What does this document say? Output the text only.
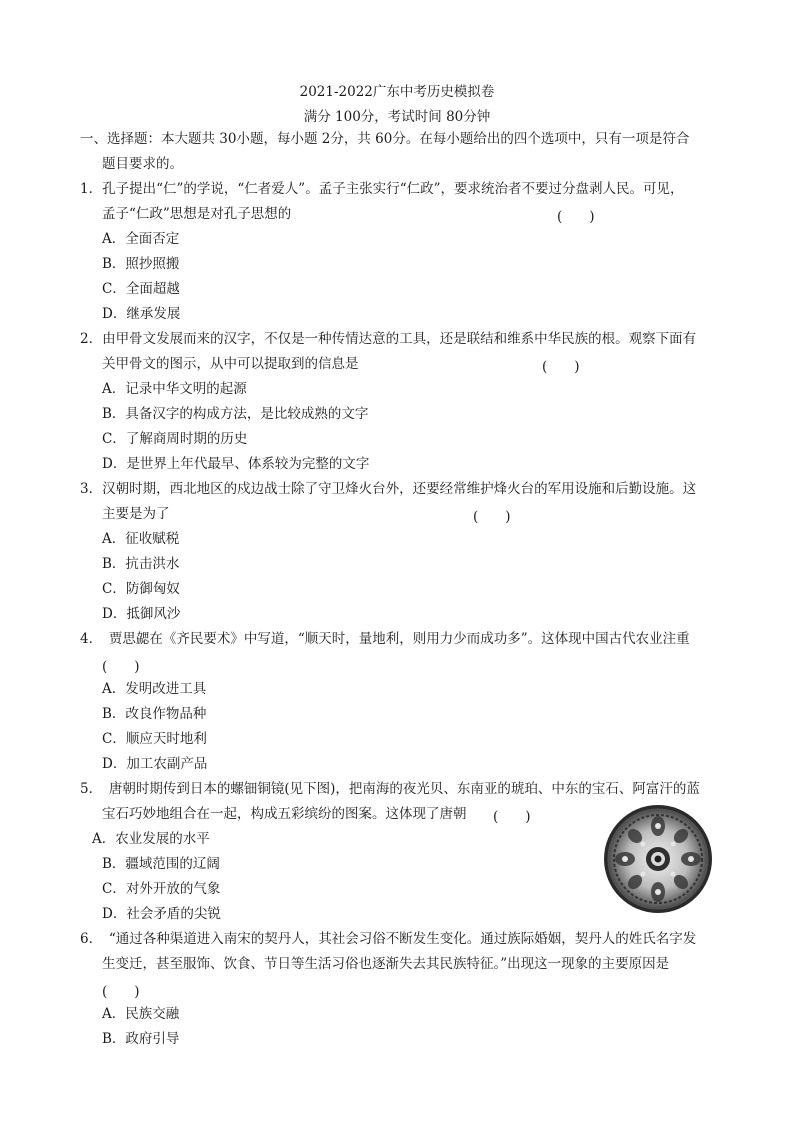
2021-2022广东中考历史模拟卷
满分 100分，考试时间 80分钟
一、选择题：本大题共 30小题，每小题 2分，共 60分。在每小题给出的四个选项中，只有一项是符合
题目要求的。
1．孔子提出“仁”的学说，“仁者爱人”。孟子主张实行“仁政”，要求统治者不要过分盘剥人民。可见，
孟子“仁政”思想是对孔子思想的	(　　)
A．全面否定
B．照抄照搬
C．全面超越
D．继承发展
2．由甲骨文发展而来的汉字，不仅是一种传情达意的工具，还是联结和维系中华民族的根。观察下面有
关甲骨文的图示，从中可以提取到的信息是	(　　)
A．记录中华文明的起源
B．具备汉字的构成方法，是比较成熟的文字
C．了解商周时期的历史
D．是世界上年代最早、体系较为完整的文字
3．汉朝时期，西北地区的戍边战士除了守卫烽火台外，还要经常维护烽火台的军用设施和后勤设施。这
主要是为了	(　　)
A．征收赋税
B．抗击洪水
C．防御匈奴
D．抵御风沙
4．　贾思勰在《齐民要术》中写道，“顺天时，量地利，则用力少而成功多”。这体现中国古代农业注重
(　　)
A．发明改进工具
B．改良作物品种
C．顺应天时地利
D．加工农副产品
5．　唐朝时期传到日本的螺钿铜镜(见下图)，把南海的夜光贝、东南亚的琥珀、中东的宝石、阿富汗的蓝
宝石巧妙地组合在一起，构成五彩缤纷的图案。这体现了唐朝 (　　)
A．农业发展的水平
B．疆域范围的辽阔
C．对外开放的气象
D．社会矛盾的尖锐
6．　“通过各种渠道进入南宋的契丹人，其社会习俗不断发生变化。通过族际婚姻，契丹人的姓氏名字发
生变迁，甚至服饰、饮食、节日等生活习俗也逐渐失去其民族特征。”出现这一现象的主要原因是
(　　)
A．民族交融
B．政府引导
